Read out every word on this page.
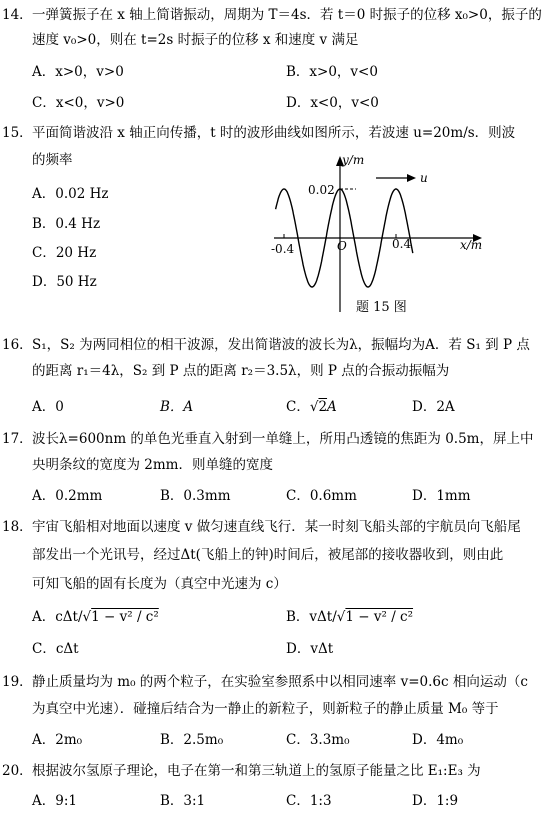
14． 一弹簧振子在 x 轴上简谐振动，周期为 T＝4s．若 t＝0 时振子的位移 x₀>0，振子的
速度 v₀>0，则在 t=2s 时振子的位移 x 和速度 v 满足
A．x>0，v>0	B．x>0，v<0
C．x<0，v>0	D．x<0，v<0
15． 平面简谐波沿 x 轴正向传播，t 时的波形曲线如图所示，若波速 u=20m/s．则波
的频率
A．0.02 Hz
B．0.4 Hz
C．20 Hz
D．50 Hz
y/m
x/m
u
0.02
O
-0.4	0.4
题 15 图
16． S₁，S₂ 为两同相位的相干波源，发出简谐波的波长为λ，振幅均为A．若 S₁ 到 P 点
的距离 r₁＝4λ，S₂ 到 P 点的距离 r₂＝3.5λ，则 P 点的合振动振幅为
A．0	B．A	C．√2A	D．2A
17． 波长λ=600nm 的单色光垂直入射到一单缝上，所用凸透镜的焦距为 0.5m，屏上中
央明条纹的宽度为 2mm．则单缝的宽度
A．0.2mm	B．0.3mm	C．0.6mm	D．1mm
18． 宇宙飞船相对地面以速度 v 做匀速直线飞行．某一时刻飞船头部的宇航员向飞船尾
部发出一个光讯号，经过Δt(飞船上的钟)时间后，被尾部的接收器收到，则由此
可知飞船的固有长度为（真空中光速为 c）
A．cΔt/√1 − v² / c²	B．vΔt/√1 − v² / c²
C．cΔt	D．vΔt
19． 静止质量均为 m₀ 的两个粒子，在实验室参照系中以相同速率 v=0.6c 相向运动（c
为真空中光速）．碰撞后结合为一静止的新粒子，则新粒子的静止质量 M₀ 等于
A．2m₀	B．2.5m₀	C．3.3m₀	D．4m₀
20． 根据波尔氢原子理论，电子在第一和第三轨道上的氢原子能量之比 E₁:E₃ 为
A．9:1	B．3:1	C．1:3	D．1:9
